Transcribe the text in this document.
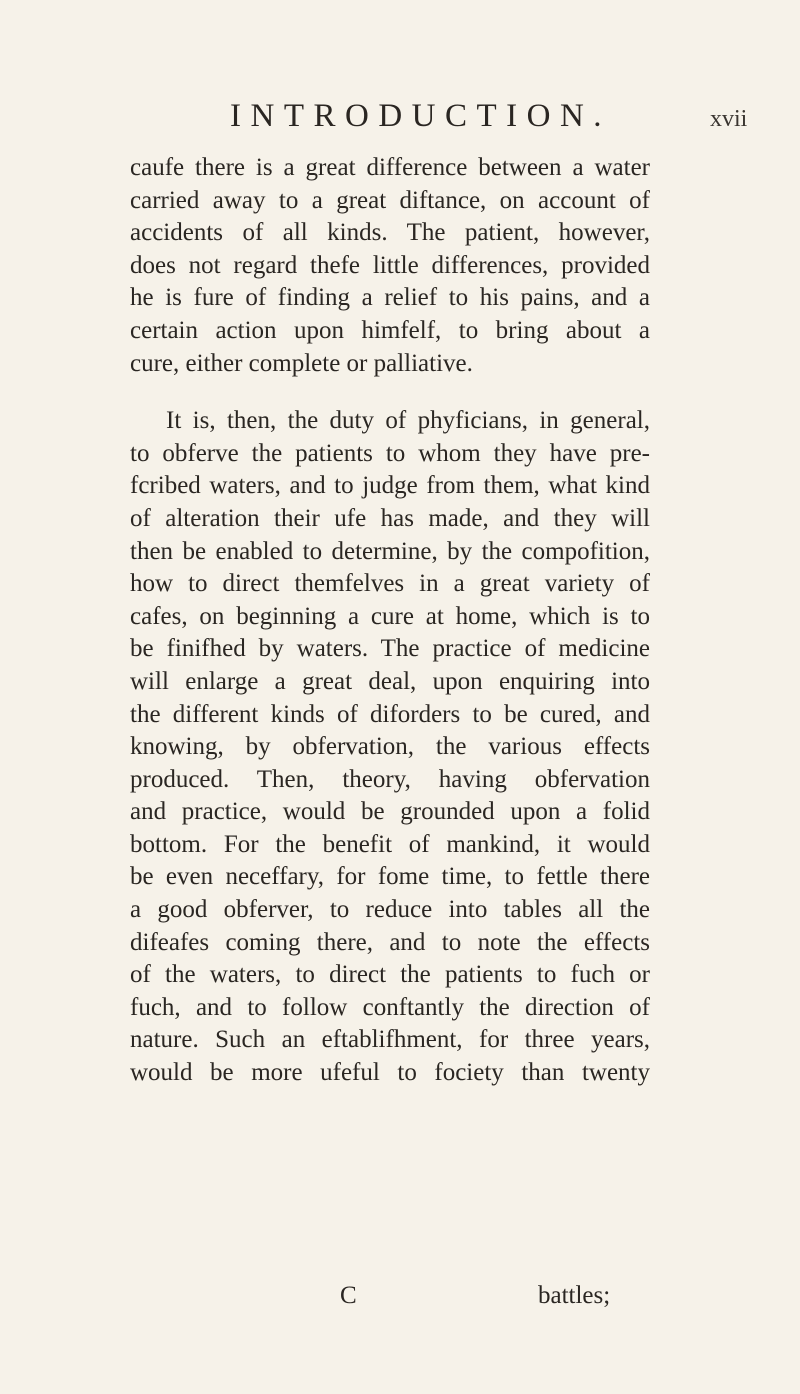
INTRODUCTION.	xvii
caufe there is a great difference between a water
carried away to a great diftance, on account of
accidents of all kinds. The patient, however,
does not regard thefe little differences, provided
he is fure of finding a relief to his pains, and a
certain action upon himfelf, to bring about a
cure, either complete or palliative.
It is, then, the duty of phyficians, in general,
to obferve the patients to whom they have pre-
fcribed waters, and to judge from them, what kind
of alteration their ufe has made, and they will
then be enabled to determine, by the compofition,
how to direct themfelves in a great variety of
cafes, on beginning a cure at home, which is to
be finifhed by waters. The practice of medicine
will enlarge a great deal, upon enquiring into
the different kinds of diforders to be cured, and
knowing, by obfervation, the various effects
produced. Then, theory, having obfervation
and practice, would be grounded upon a folid
bottom. For the benefit of mankind, it would
be even neceffary, for fome time, to fettle there
a good obferver, to reduce into tables all the
difeafes coming there, and to note the effects
of the waters, to direct the patients to fuch or
fuch, and to follow conftantly the direction of
nature. Such an eftablifhment, for three years,
would be more ufeful to fociety than twenty
C	battles;
